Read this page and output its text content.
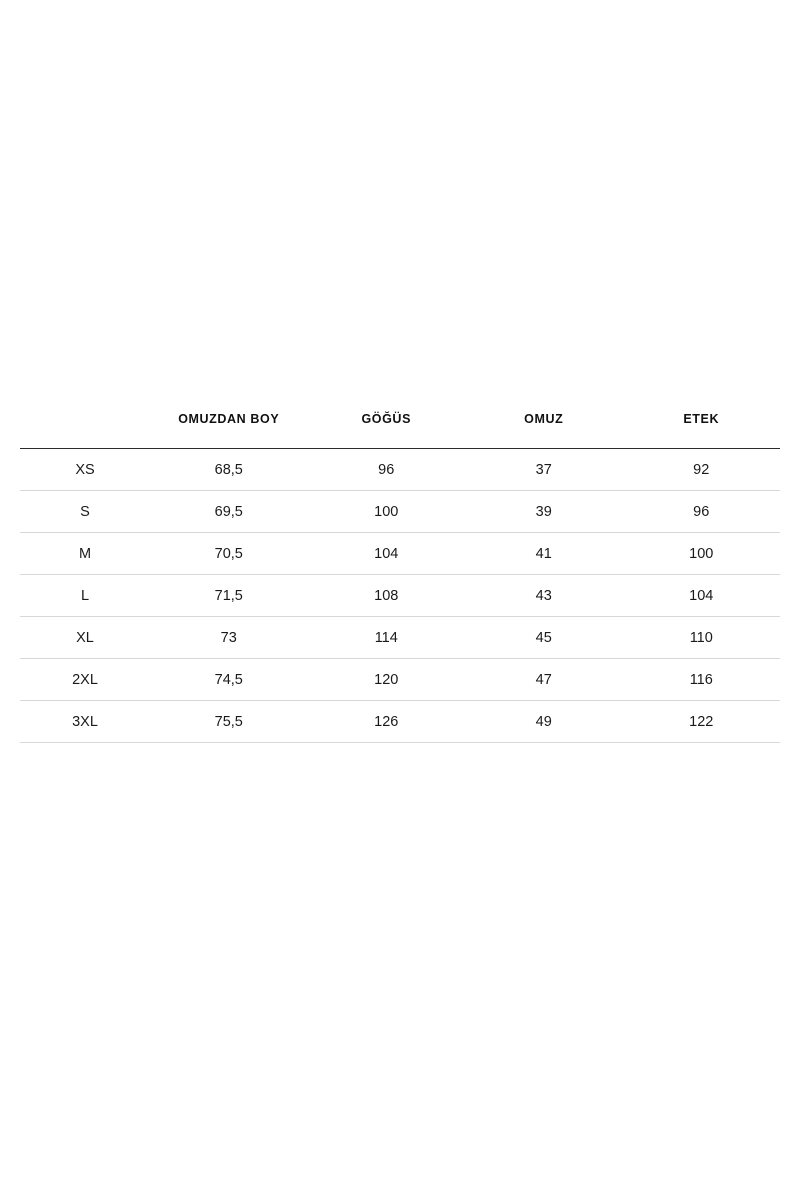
	OMUZDAN BOY	GÖĞÜS	OMUZ	ETEK
XS	68,5	96	37	92
S	69,5	100	39	96
M	70,5	104	41	100
L	71,5	108	43	104
XL	73	114	45	110
2XL	74,5	120	47	116
3XL	75,5	126	49	122
